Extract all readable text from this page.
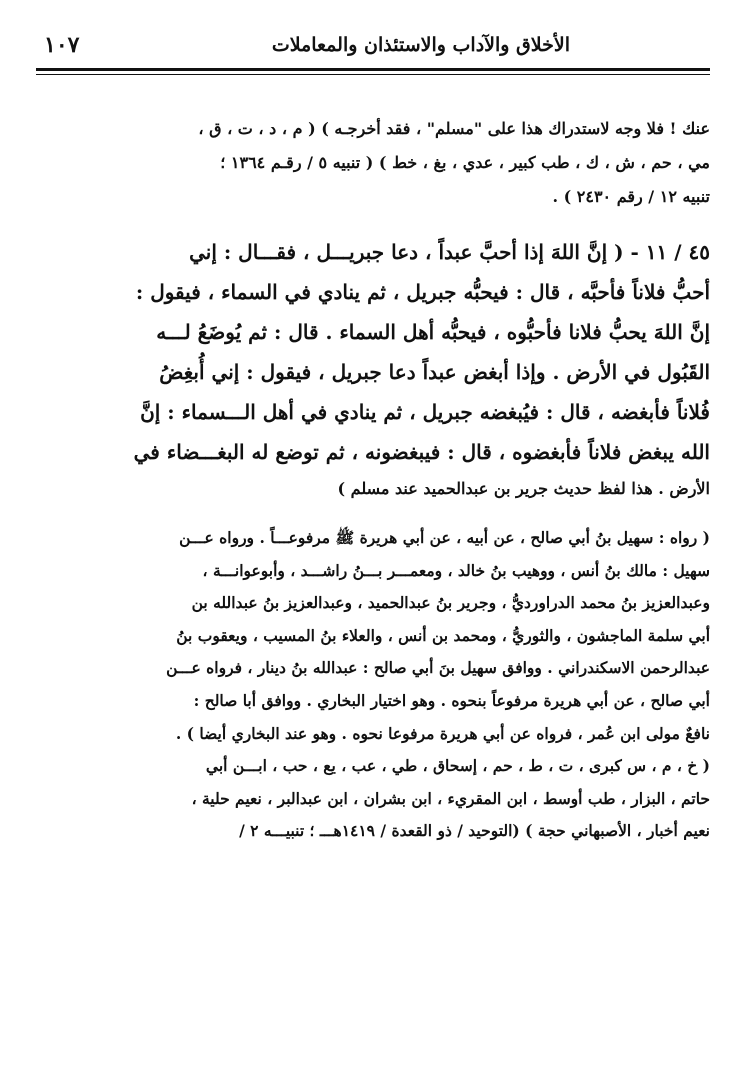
الأخلاق والآداب والاستئذان والمعاملات
١٠٧

عنك ! فلا وجه لاستدراك هذا على "مسلم" ، فقد أخرجـه ) ( م ، د ، ت ، ق ،

مي ، حم ، ش ، ك ، طب كبير ، عدي ، بغ ، خط ) ( تنبيه ٥ / رقـم ١٣٦٤ ؛

تنبيه ١٢ / رقم ٢٤٣٠ ) .

٤٥ / ١١ - ( إنَّ اللهَ إذا أحبَّ عبداً ، دعا جبريـــل ، فقـــال : إني

أحبُّ فلاناً فأحبَّه ، قال : فيحبُّه جبريل ، ثم ينادي في السماء ، فيقول :

إنَّ اللهَ يحبُّ فلانا فأحبُّوه ، فيحبُّه أهل السماء . قال : ثم يُوضَعُ لـــه

القَبُول في الأرض . وإذا أبغض عبداً دعا جبريل ، فيقول : إني أُبغِضُ

فُلاناً فأبغضه ، قال : فيُبغضه جبريل ، ثم ينادي في أهل الـــسماء : إنَّ

الله يبغض فلاناً فأبغضوه ، قال : فيبغضونه ، ثم توضع له البغـــضاء في

الأرض . هذا لفظ حديث جرير بن عبدالحميد عند مسلم )

( رواه : سهيل بنُ أبي صالح ، عن أبيه ، عن أبي هريرة ﷺ مرفوعـــاً . ورواه عـــن

سهيل : مالك بنُ أنس ، ووهيب بنُ خالد ، ومعمـــر بـــنُ راشـــد ، وأبوعوانـــة ،

وعبدالعزيز بنُ محمد الدراورديُّ ، وجرير بنُ عبدالحميد ، وعبدالعزيز بنُ عبدالله بن

أبي سلمة الماجشون ، والثوريُّ ، ومحمد بن أنس ، والعلاء بنُ المسيب ، ويعقوب بنُ

عبدالرحمن الاسكندراني . ووافق سهيل بنَ أبي صالح : عبدالله بنُ دينار ، فرواه عـــن

أبي صالح ، عن أبي هريرة مرفوعاً بنحوه . وهو اختيار البخاري . ووافق أبا صالح :

نافعٌ مولى ابن عُمر ، فرواه عن أبي هريرة مرفوعا نحوه . وهو عند البخاري أيضا ) .

( خ ، م ، س كبرى ، ت ، ط ، حم ، إسحاق ، طي ، عب ، يع ، حب ، ابـــن أبي

حاتم ، البزار ، طب أوسط ، ابن المقريء ، ابن بشران ، ابن عبدالبر ، نعيم حلية ،

نعيم أخبار ، الأصبهاني حجة ) (التوحيد / ذو القعدة / ١٤١٩هـــ ؛ تنبيـــه ٢ /
